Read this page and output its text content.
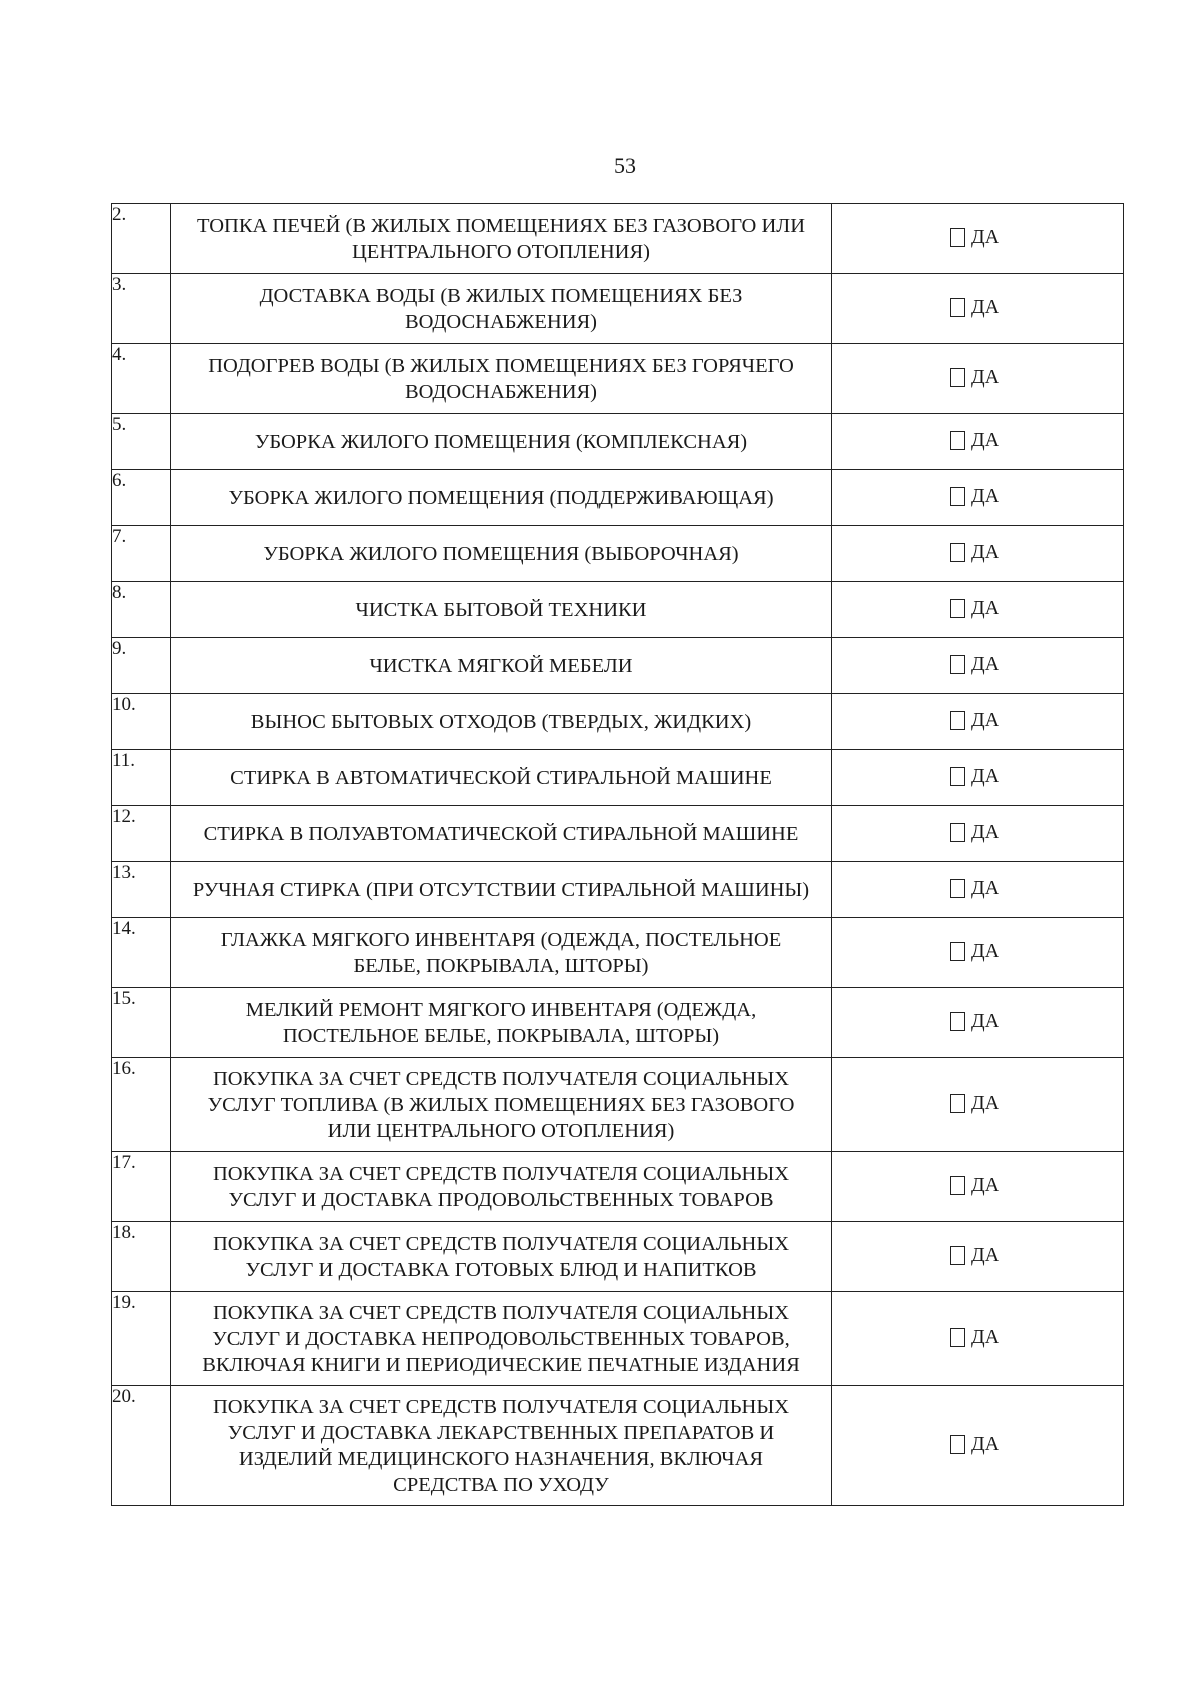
53
2.	ТОПКА ПЕЧЕЙ (В ЖИЛЫХ ПОМЕЩЕНИЯХ БЕЗ ГАЗОВОГО ИЛИ
ЦЕНТРАЛЬНОГО ОТОПЛЕНИЯ)	ДА

3.	ДОСТАВКА ВОДЫ (В ЖИЛЫХ ПОМЕЩЕНИЯХ БЕЗ
ВОДОСНАБЖЕНИЯ)	ДА

4.	ПОДОГРЕВ ВОДЫ (В ЖИЛЫХ ПОМЕЩЕНИЯХ БЕЗ ГОРЯЧЕГО
ВОДОСНАБЖЕНИЯ)	ДА

5.	УБОРКА ЖИЛОГО ПОМЕЩЕНИЯ (КОМПЛЕКСНАЯ)	ДА

6.	УБОРКА ЖИЛОГО ПОМЕЩЕНИЯ (ПОДДЕРЖИВАЮЩАЯ)	ДА

7.	УБОРКА ЖИЛОГО ПОМЕЩЕНИЯ (ВЫБОРОЧНАЯ)	ДА

8.	ЧИСТКА БЫТОВОЙ ТЕХНИКИ	ДА

9.	ЧИСТКА МЯГКОЙ МЕБЕЛИ	ДА

10.	ВЫНОС БЫТОВЫХ ОТХОДОВ (ТВЕРДЫХ, ЖИДКИХ)	ДА

11.	СТИРКА В АВТОМАТИЧЕСКОЙ СТИРАЛЬНОЙ МАШИНЕ	ДА

12.	СТИРКА В ПОЛУАВТОМАТИЧЕСКОЙ СТИРАЛЬНОЙ МАШИНЕ	ДА

13.	РУЧНАЯ СТИРКА (ПРИ ОТСУТСТВИИ СТИРАЛЬНОЙ МАШИНЫ)	ДА

14.	ГЛАЖКА МЯГКОГО ИНВЕНТАРЯ (ОДЕЖДА, ПОСТЕЛЬНОЕ
БЕЛЬЕ, ПОКРЫВАЛА, ШТОРЫ)	ДА

15.	МЕЛКИЙ РЕМОНТ МЯГКОГО ИНВЕНТАРЯ (ОДЕЖДА,
ПОСТЕЛЬНОЕ БЕЛЬЕ, ПОКРЫВАЛА, ШТОРЫ)	ДА

16.	ПОКУПКА ЗА СЧЕТ СРЕДСТВ ПОЛУЧАТЕЛЯ СОЦИАЛЬНЫХ
УСЛУГ ТОПЛИВА (В ЖИЛЫХ ПОМЕЩЕНИЯХ БЕЗ ГАЗОВОГО
ИЛИ ЦЕНТРАЛЬНОГО ОТОПЛЕНИЯ)	ДА

17.	ПОКУПКА ЗА СЧЕТ СРЕДСТВ ПОЛУЧАТЕЛЯ СОЦИАЛЬНЫХ
УСЛУГ И ДОСТАВКА ПРОДОВОЛЬСТВЕННЫХ ТОВАРОВ	ДА

18.	ПОКУПКА ЗА СЧЕТ СРЕДСТВ ПОЛУЧАТЕЛЯ СОЦИАЛЬНЫХ
УСЛУГ И ДОСТАВКА ГОТОВЫХ БЛЮД И НАПИТКОВ	ДА

19.	ПОКУПКА ЗА СЧЕТ СРЕДСТВ ПОЛУЧАТЕЛЯ СОЦИАЛЬНЫХ
УСЛУГ И ДОСТАВКА НЕПРОДОВОЛЬСТВЕННЫХ ТОВАРОВ,
ВКЛЮЧАЯ КНИГИ И ПЕРИОДИЧЕСКИЕ ПЕЧАТНЫЕ ИЗДАНИЯ	ДА

20.	ПОКУПКА ЗА СЧЕТ СРЕДСТВ ПОЛУЧАТЕЛЯ СОЦИАЛЬНЫХ
УСЛУГ И ДОСТАВКА ЛЕКАРСТВЕННЫХ ПРЕПАРАТОВ И
ИЗДЕЛИЙ МЕДИЦИНСКОГО НАЗНАЧЕНИЯ, ВКЛЮЧАЯ
СРЕДСТВА ПО УХОДУ	ДА
